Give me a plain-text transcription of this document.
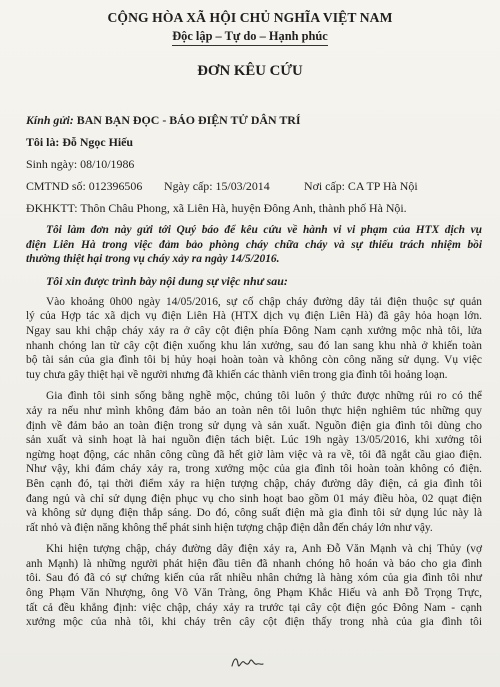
CỘNG HÒA XÃ HỘI CHỦ NGHĨA VIỆT NAM
Độc lập – Tự do – Hạnh phúc
ĐƠN KÊU CỨU
Kính gửi:
BAN BẠN ĐỌC - BÁO ĐIỆN TỬ DÂN TRÍ
Tôi là: Đỗ Ngọc Hiếu
Sinh ngày: 08/10/1986
CMTND số: 012396506	Ngày cấp: 15/03/2014	Nơi cấp: CA TP Hà Nội
ĐKHKTT: Thôn Châu Phong, xã Liên Hà, huyện Đông Anh, thành phố Hà Nội.
Tôi làm đơn này gửi tới Quý báo để kêu cứu về hành vi vi phạm của HTX dịch vụ
điện Liên Hà trong việc đảm bảo phòng cháy chữa cháy và sự thiếu trách nhiệm bồi
thường thiệt hại trong vụ cháy xảy ra ngày 14/5/2016.
Tôi xin được trình bày nội dung sự việc như sau:
Vào khoảng 0h00 ngày 14/05/2016, sự cố chập cháy đường dây tải điện thuộc sự quản
lý của Hợp tác xã dịch vụ điện Liên Hà (HTX dịch vụ điện Liên Hà) đã gây hỏa hoạn lớn.
Ngay sau khi chập cháy xảy ra ở cây cột điện phía Đông Nam cạnh xưởng mộc nhà tôi, lửa
nhanh chóng lan từ cây cột điện xuống khu lán xưởng, sau đó lan sang khu nhà ở khiến toàn
bộ tài sản của gia đình tôi bị hủy hoại hoàn toàn và không còn công năng sử dụng. Vụ việc
tuy chưa gây thiệt hại về người nhưng đã khiến các thành viên trong gia đình tôi hoảng loạn.
Gia đình tôi sinh sống bằng nghề mộc, chúng tôi luôn ý thức được những rủi ro có thể
xảy ra nếu như mình không đảm bảo an toàn nên tôi luôn thực hiện nghiêm túc những quy
định về đảm bảo an toàn điện trong sử dụng và sản xuất. Nguồn điện gia đình tôi dùng cho
sản xuất và sinh hoạt là hai nguồn điện tách biệt. Lúc 19h ngày 13/05/2016, khi xưởng tôi
ngừng hoạt động, các nhân công cũng đã hết giờ làm việc và ra về, tôi đã ngắt cầu giao điện.
Như vậy, khi đám cháy xảy ra, trong xưởng mộc của gia đình tôi hoàn toàn không có điện.
Bên cạnh đó, tại thời điểm xảy ra hiện tượng chập, cháy đường dây điện, cả gia đình tôi
đang ngủ và chỉ sử dụng điện phục vụ cho sinh hoạt bao gồm 01 máy điều hòa, 02 quạt điện
và không sử dụng điện thắp sáng. Do đó, công suất điện mà gia đình tôi sử dụng lúc này là
rất nhỏ và điện năng không thể phát sinh hiện tượng chập điện dẫn đến cháy lớn như vậy.
Khi hiện tượng chập, cháy đường dây điện xảy ra, Anh Đỗ Văn Mạnh và chị Thủy (vợ
anh Mạnh) là những người phát hiện đầu tiên đã nhanh chóng hô hoán và báo cho gia đình
tôi. Sau đó đã có sự chứng kiến của rất nhiều nhân chứng là hàng xóm của gia đình tôi như
ông Phạm Văn Nhượng, ông Võ Văn Tràng, ông Phạm Khắc Hiếu và anh Đỗ Trọng Trực,
tất cả đều khẳng định: việc chập, cháy xảy ra trước tại cây cột điện góc Đông Nam - cạnh
xưởng mộc của nhà tôi, khi cháy trên cây cột điện thấy trong nhà của gia đình tôi
